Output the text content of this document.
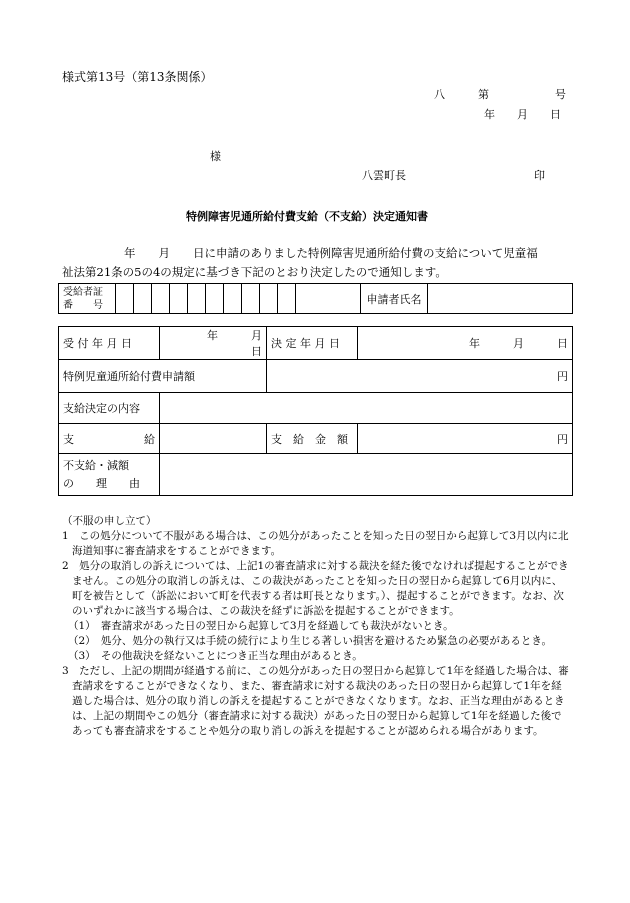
様式第13号（第13条関係）
八　　　第　　　　　　号
年　　月　　日
様
八雲町長	印
特例障害児通所給付費支給（不支給）決定通知書
年　　月　　日に申請のありました特例障害児通所給付費の支給について児童福
祉法第21条の5の4の規定に基づき下記のとおり決定したので通知します。
受給者証
番　　号												申請者氏名	
受 付 年 月 日	年　　　月　　　日	決 定 年 月 日	年　　　月　　　日
特例児童通所給付費申請額		円	
支給決定の内容			
支 給		支　給　金　額	円

不支給・減額
の　　理　　由			

（不服の申し立て）

1　この処分について不服がある場合は、この処分があったことを知った日の翌日から起算して3月以内に北海道知事に審査請求をすることができます。

2　処分の取消しの訴えについては、上記1の審査請求に対する裁決を経た後でなければ提起することができません。この処分の取消しの訴えは、この裁決があったことを知った日の翌日から起算して6月以内に、町を被告として（訴訟において町を代表する者は町長となります。）、提起することができます。なお、次のいずれかに該当する場合は、この裁決を経ずに訴訟を提起することができます。

（1）　審査請求があった日の翌日から起算して3月を経過しても裁決がないとき。

（2）　処分、処分の執行又は手続の続行により生じる著しい損害を避けるため緊急の必要があるとき。

（3）　その他裁決を経ないことにつき正当な理由があるとき。

3　ただし、上記の期間が経過する前に、この処分があった日の翌日から起算して1年を経過した場合は、審査請求をすることができなくなり、また、審査請求に対する裁決のあった日の翌日から起算して1年を経過した場合は、処分の取り消しの訴えを提起することができなくなります。なお、正当な理由があるときは、上記の期間やこの処分（審査請求に対する裁決）があった日の翌日から起算して1年を経過した後であっても審査請求をすることや処分の取り消しの訴えを提起することが認められる場合があります。
